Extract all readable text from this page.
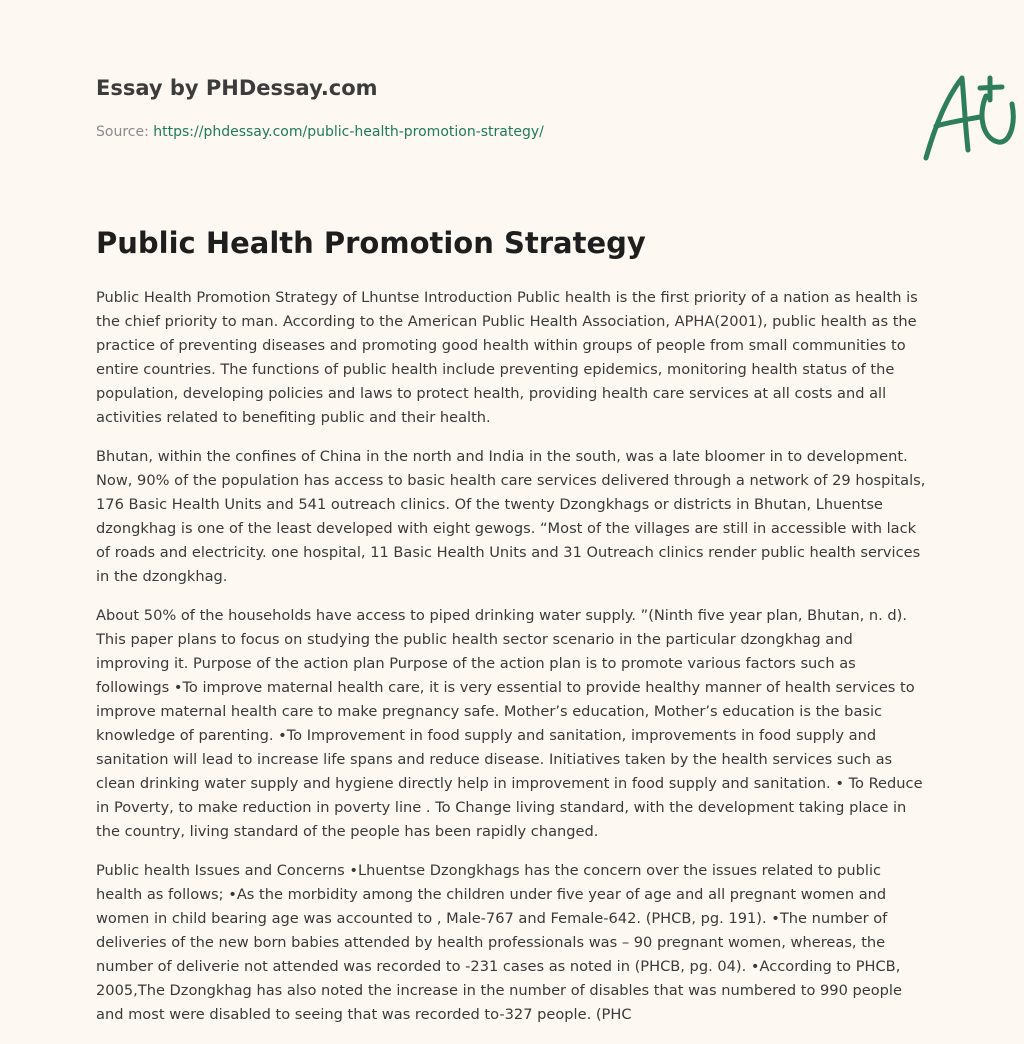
Essay by PHDessay.com
Source: https://phdessay.com/public-health-promotion-strategy/
Public Health Promotion Strategy

Public Health Promotion Strategy of Lhuntse Introduction Public health is the first priority of a nation as health is the chief priority to man. According to the American Public Health Association, APHA(2001), public health as the practice of preventing diseases and promoting good health within groups of people from small communities to entire countries. The functions of public health include preventing epidemics, monitoring health status of the population, developing policies and laws to protect health, providing health care services at all costs and all activities related to benefiting public and their health.

Bhutan, within the confines of China in the north and India in the south, was a late bloomer in to development. Now, 90% of the population has access to basic health care services delivered through a network of 29 hospitals, 176 Basic Health Units and 541 outreach clinics. Of the twenty Dzongkhags or districts in Bhutan, Lhuentse dzongkhag is one of the least developed with eight gewogs. “Most of the villages are still in accessible with lack of roads and electricity. one hospital, 11 Basic Health Units and 31 Outreach clinics render public health services in the dzongkhag.

About 50% of the households have access to piped drinking water supply. ”(Ninth five year plan, Bhutan, n. d). This paper plans to focus on studying the public health sector scenario in the particular dzongkhag and improving it. Purpose of the action plan Purpose of the action plan is to promote various factors such as followings •To improve maternal health care, it is very essential to provide healthy manner of health services to improve maternal health care to make pregnancy safe. Mother’s education, Mother’s education is the basic knowledge of parenting. •To Improvement in food supply and sanitation, improvements in food supply and sanitation will lead to increase life spans and reduce disease. Initiatives taken by the health services such as clean drinking water supply and hygiene directly help in improvement in food supply and sanitation. • To Reduce in Poverty, to make reduction in poverty line . To Change living standard, with the development taking place in the country, living standard of the people has been rapidly changed.

Public health Issues and Concerns •Lhuentse Dzongkhags has the concern over the issues related to public health as follows; •As the morbidity among the children under five year of age and all pregnant women and women in child bearing age was accounted to , Male-767 and Female-642. (PHCB, pg. 191). •The number of deliveries of the new born babies attended by health professionals was – 90 pregnant women, whereas, the number of deliverie not attended was recorded to -231 cases as noted in (PHCB, pg. 04). •According to PHCB, 2005,The Dzongkhag has also noted the increase in the number of disables that was numbered to 990 people and most were disabled to seeing that was recorded to-327 people. (PHC
